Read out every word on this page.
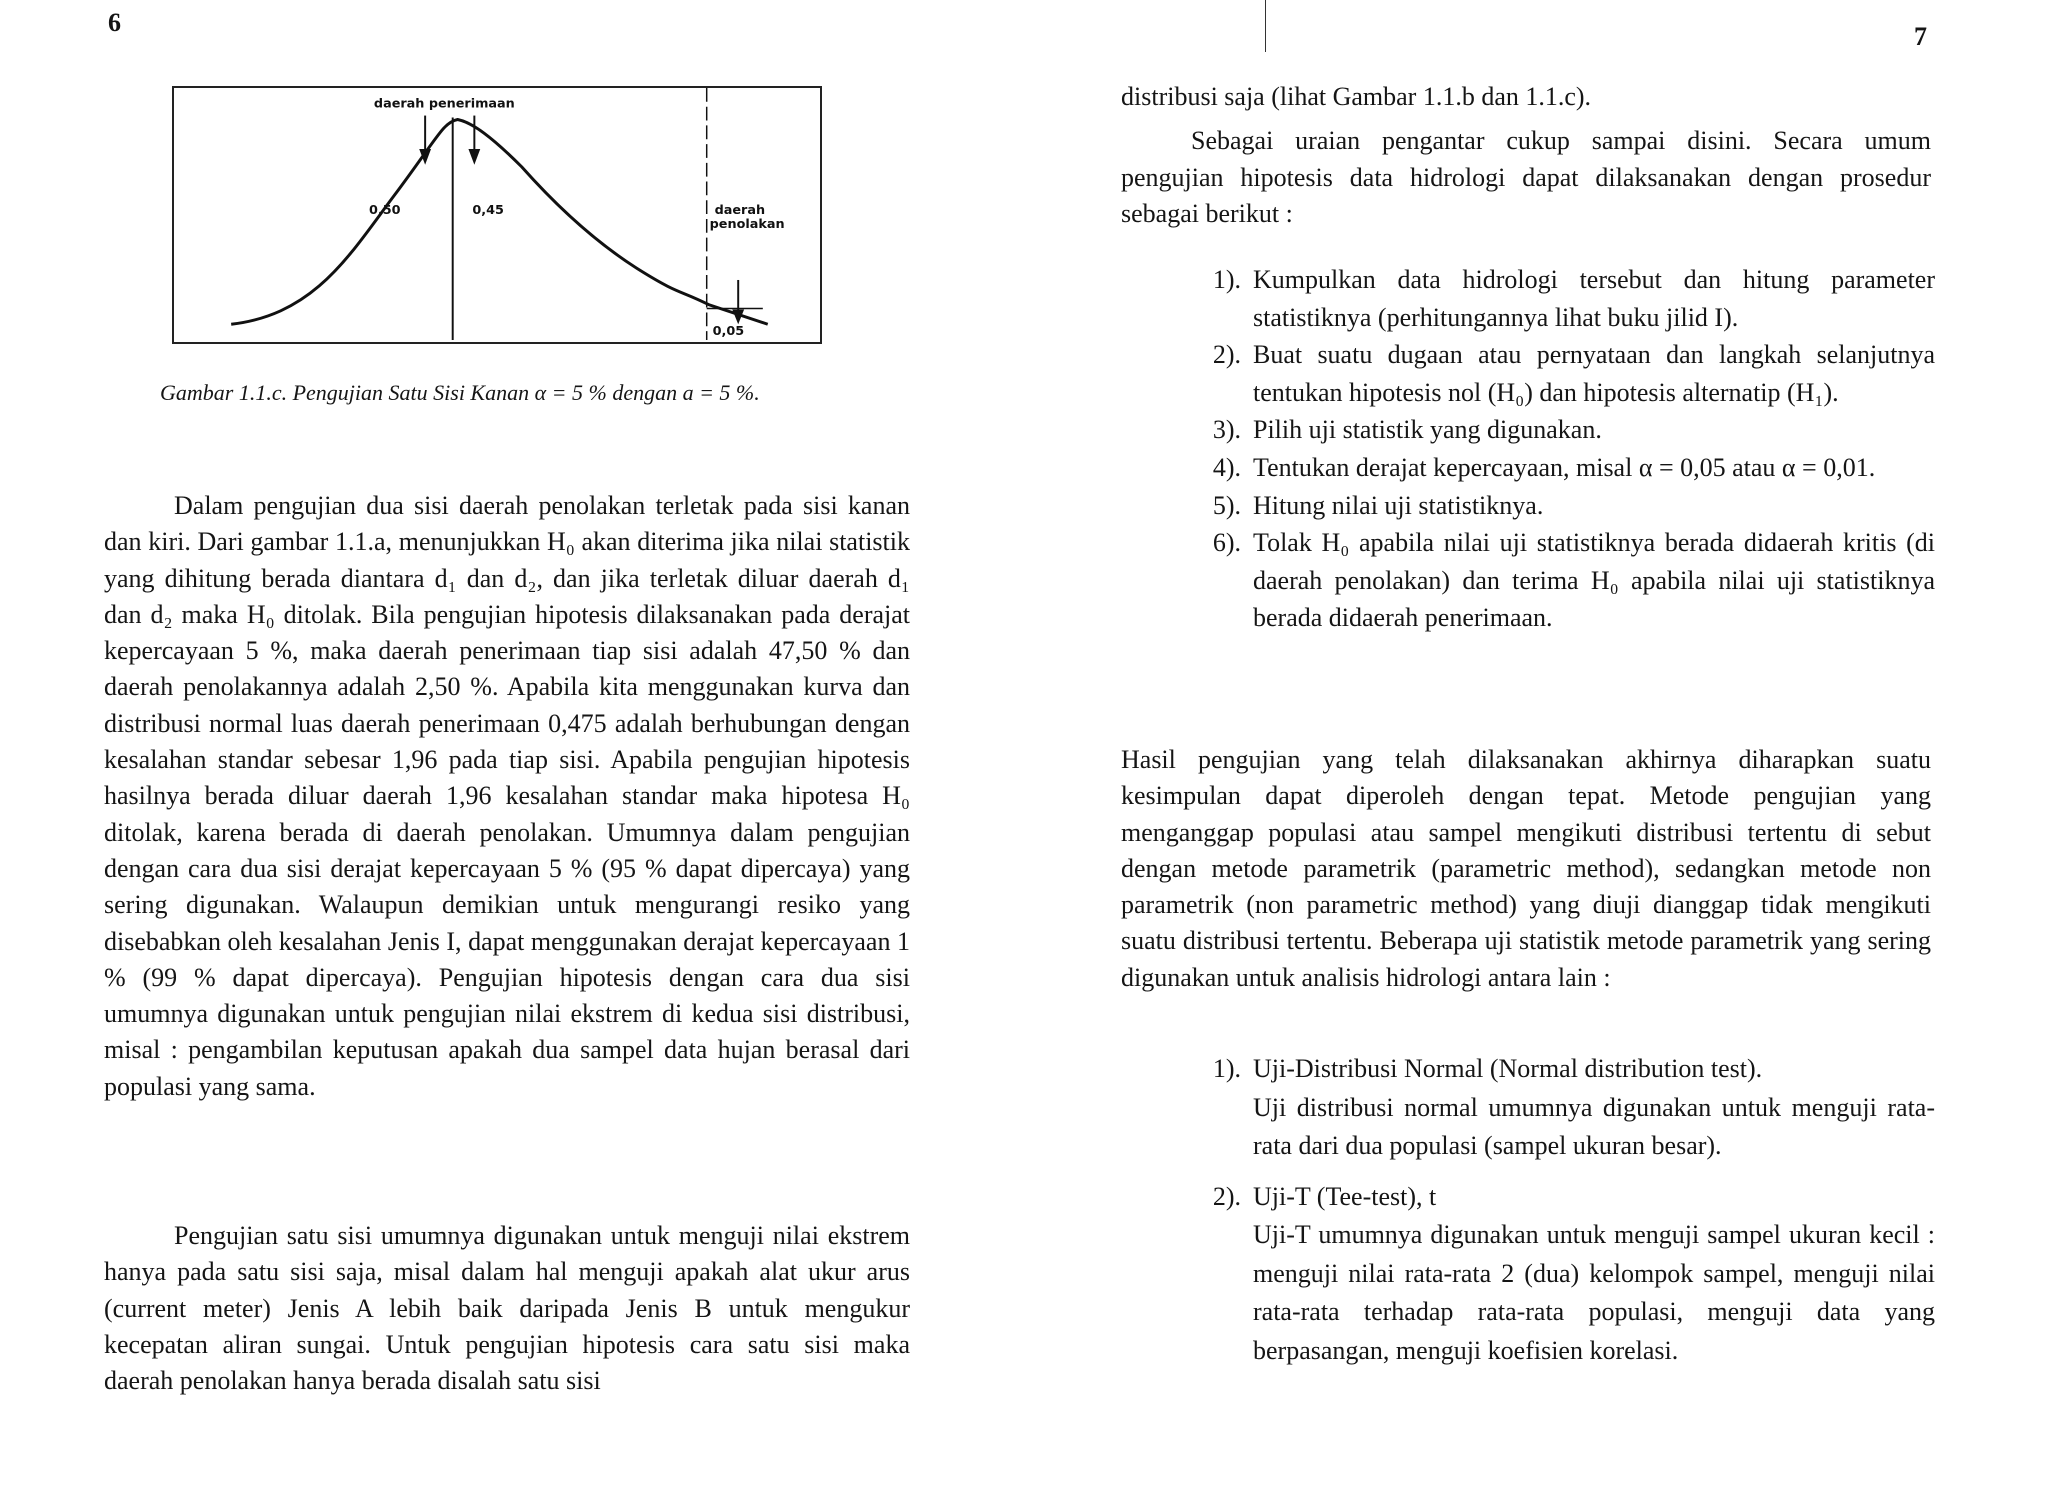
6	7
daerah penerimaan
0,50	0,45	daerah
penolakan
0,05
Gambar 1.1.c. Pengujian Satu Sisi Kanan α = 5 % dengan a = 5 %.

Dalam pengujian dua sisi daerah penolakan terletak pada sisi kanan dan kiri. Dari gambar 1.1.a, menunjukkan H₀ akan diterima jika nilai statistik yang dihitung berada diantara d₁ dan d₂, dan jika terletak diluar daerah d₁ dan d₂ maka H₀ ditolak. Bila pengujian hipotesis dilaksanakan pada derajat kepercayaan 5 %, maka daerah penerimaan tiap sisi adalah 47,50 % dan daerah penolakannya adalah 2,50 %. Apabila kita menggunakan kurva dan distribusi normal luas daerah penerimaan 0,475 adalah berhubungan dengan kesalahan standar sebesar 1,96 pada tiap sisi. Apabila pengujian hipotesis hasilnya berada diluar daerah 1,96 kesalahan standar maka hipotesa H₀ ditolak, karena berada di daerah penolakan. Umumnya dalam pengujian dengan cara dua sisi derajat kepercayaan 5 % (95 % dapat dipercaya) yang sering digunakan. Walaupun demikian untuk mengurangi resiko yang disebabkan oleh kesalahan Jenis I, dapat menggunakan derajat kepercayaan 1 % (99 % dapat dipercaya). Pengujian hipotesis dengan cara dua sisi umumnya digunakan untuk pengujian nilai ekstrem di kedua sisi distribusi, misal : pengambilan keputusan apakah dua sampel data hujan berasal dari populasi yang sama.

Pengujian satu sisi umumnya digunakan untuk menguji nilai ekstrem hanya pada satu sisi saja, misal dalam hal menguji apakah alat ukur arus (current meter) Jenis A lebih baik daripada Jenis B untuk mengukur kecepatan aliran sungai. Untuk pengujian hipotesis cara satu sisi maka daerah penolakan hanya berada disalah satu sisi

distribusi saja (lihat Gambar 1.1.b dan 1.1.c).

Sebagai uraian pengantar cukup sampai disini. Secara umum pengujian hipotesis data hidrologi dapat dilaksanakan dengan prosedur sebagai berikut :

1). Kumpulkan data hidrologi tersebut dan hitung parameter statistiknya (perhitungannya lihat buku jilid I).
2). Buat suatu dugaan atau pernyataan dan langkah selanjutnya tentukan hipotesis nol (H₀) dan hipotesis alternatip (H₁).
3). Pilih uji statistik yang digunakan.
4). Tentukan derajat kepercayaan, misal α = 0,05 atau α = 0,01.
5). Hitung nilai uji statistiknya.
6). Tolak H₀ apabila nilai uji statistiknya berada didaerah kritis (di daerah penolakan) dan terima H₀ apabila nilai uji statistiknya berada didaerah penerimaan.

Hasil pengujian yang telah dilaksanakan akhirnya diharapkan suatu kesimpulan dapat diperoleh dengan tepat. Metode pengujian yang menganggap populasi atau sampel mengikuti distribusi tertentu di sebut dengan metode parametrik (parametric method), sedangkan metode non parametrik (non parametric method) yang diuji dianggap tidak mengikuti suatu distribusi tertentu. Beberapa uji statistik metode parametrik yang sering digunakan untuk analisis hidrologi antara lain :

1). Uji-Distribusi Normal (Normal distribution test).
Uji distribusi normal umumnya digunakan untuk menguji rata-rata dari dua populasi (sampel ukuran besar).
2). Uji-T (Tee-test), t
Uji-T umumnya digunakan untuk menguji sampel ukuran kecil : menguji nilai rata-rata 2 (dua) kelompok sampel, menguji nilai rata-rata terhadap rata-rata populasi, menguji data yang berpasangan, menguji koefisien korelasi.
